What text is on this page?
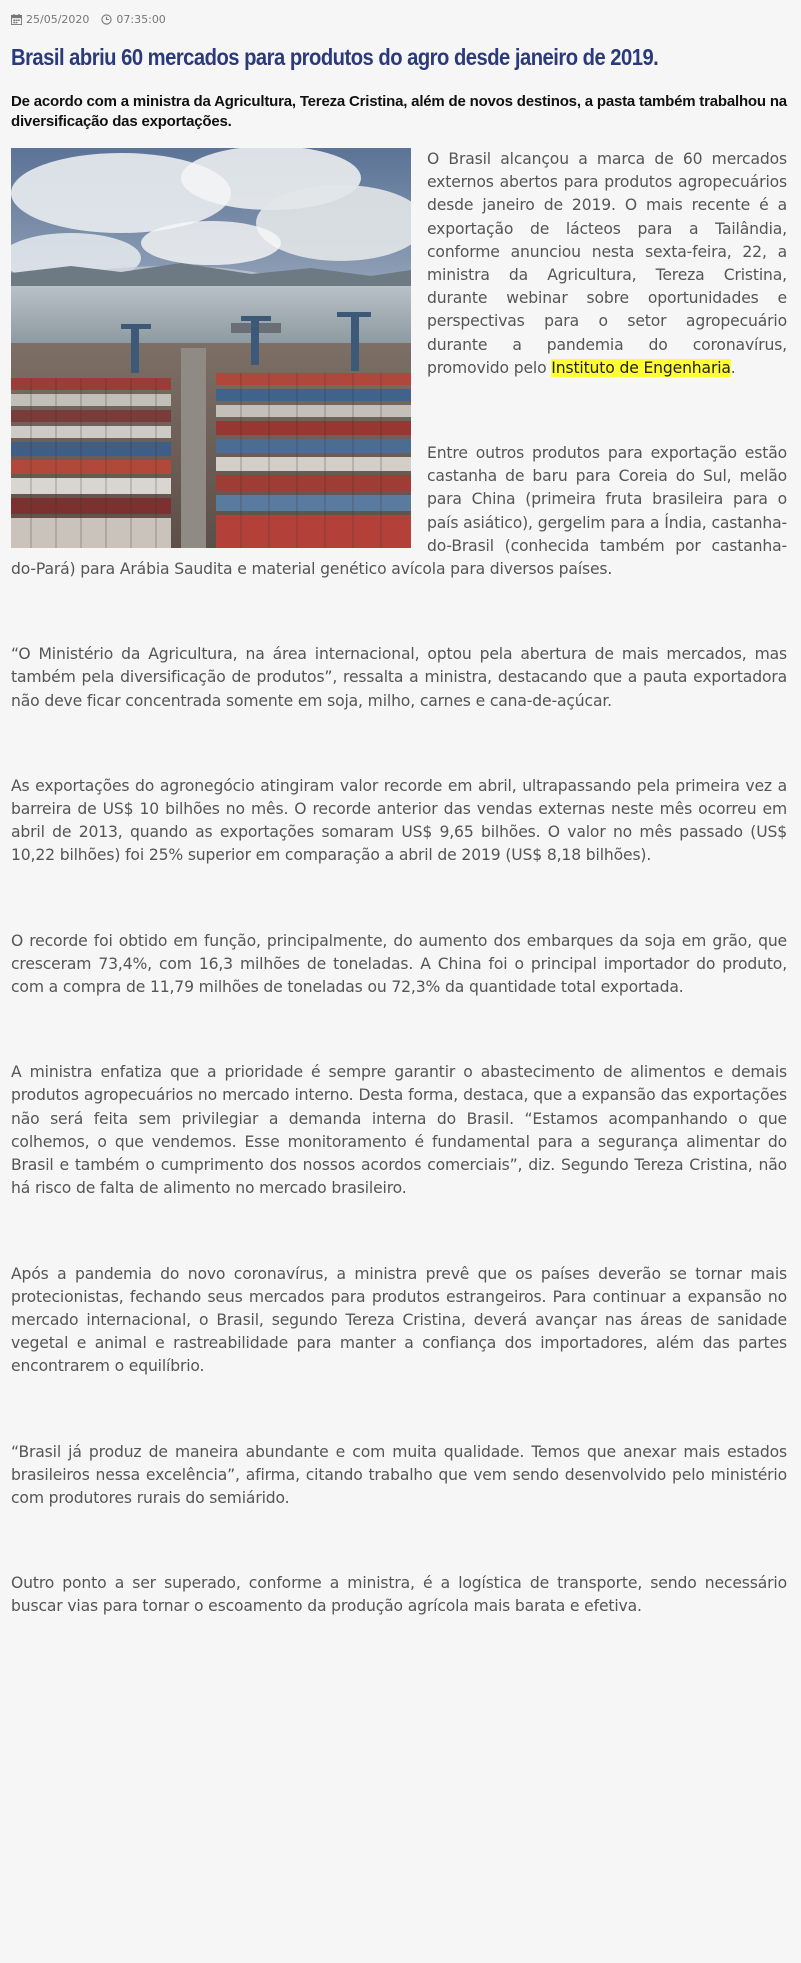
25/05/2020 07:35:00
Brasil abriu 60 mercados para produtos do agro desde janeiro de 2019.
De acordo com a ministra da Agricultura, Tereza Cristina, além de novos destinos, a pasta também trabalhou na diversificação das exportações.

O Brasil alcançou a marca de 60 mercados externos abertos para produtos agropecuários desde janeiro de 2019. O mais recente é a exportação de lácteos para a Tailândia, conforme anunciou nesta sexta-feira, 22, a ministra da Agricultura, Tereza Cristina, durante webinar sobre oportunidades e perspectivas para o setor agropecuário durante a pandemia do coronavírus, promovido pelo Instituto de Engenharia.

Entre outros produtos para exportação estão castanha de baru para Coreia do Sul, melão para China (primeira fruta brasileira para o país asiático), gergelim para a Índia, castanha-do-Brasil (conhecida também por castanha-do-Pará) para Arábia Saudita e material genético avícola para diversos países.

“O Ministério da Agricultura, na área internacional, optou pela abertura de mais mercados, mas também pela diversificação de produtos”, ressalta a ministra, destacando que a pauta exportadora não deve ficar concentrada somente em soja, milho, carnes e cana-de-açúcar.

As exportações do agronegócio atingiram valor recorde em abril, ultrapassando pela primeira vez a barreira de US$ 10 bilhões no mês. O recorde anterior das vendas externas neste mês ocorreu em abril de 2013, quando as exportações somaram US$ 9,65 bilhões. O valor no mês passado (US$ 10,22 bilhões) foi 25% superior em comparação a abril de 2019 (US$ 8,18 bilhões).

O recorde foi obtido em função, principalmente, do aumento dos embarques da soja em grão, que cresceram 73,4%, com 16,3 milhões de toneladas. A China foi o principal importador do produto, com a compra de 11,79 milhões de toneladas ou 72,3% da quantidade total exportada.

A ministra enfatiza que a prioridade é sempre garantir o abastecimento de alimentos e demais produtos agropecuários no mercado interno. Desta forma, destaca, que a expansão das exportações não será feita sem privilegiar a demanda interna do Brasil. “Estamos acompanhando o que colhemos, o que vendemos. Esse monitoramento é fundamental para a segurança alimentar do Brasil e também o cumprimento dos nossos acordos comerciais”, diz. Segundo Tereza Cristina, não há risco de falta de alimento no mercado brasileiro.

Após a pandemia do novo coronavírus, a ministra prevê que os países deverão se tornar mais protecionistas, fechando seus mercados para produtos estrangeiros. Para continuar a expansão no mercado internacional, o Brasil, segundo Tereza Cristina, deverá avançar nas áreas de sanidade vegetal e animal e rastreabilidade para manter a confiança dos importadores, além das partes encontrarem o equilíbrio.

“Brasil já produz de maneira abundante e com muita qualidade. Temos que anexar mais estados brasileiros nessa excelência”, afirma, citando trabalho que vem sendo desenvolvido pelo ministério com produtores rurais do semiárido.

Outro ponto a ser superado, conforme a ministra, é a logística de transporte, sendo necessário buscar vias para tornar o escoamento da produção agrícola mais barata e efetiva.
